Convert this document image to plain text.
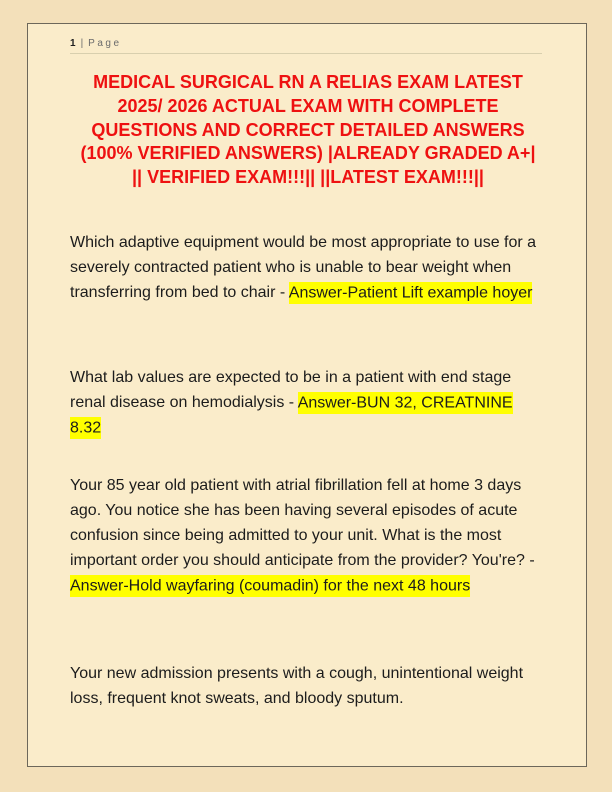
1 | Page
MEDICAL SURGICAL RN A RELIAS EXAM LATEST
2025/ 2026 ACTUAL EXAM WITH COMPLETE
QUESTIONS AND CORRECT DETAILED ANSWERS
(100% VERIFIED ANSWERS) |ALREADY GRADED A+|
|| VERIFIED EXAM!!!|| ||LATEST EXAM!!!||
Which adaptive equipment would be most appropriate to use for a severely contracted patient who is unable to bear weight when transferring from bed to chair - Answer-Patient Lift example hoyer
What lab values are expected to be in a patient with end stage renal disease on hemodialysis - Answer-BUN 32, CREATNINE 8.32
Your 85 year old patient with atrial fibrillation fell at home 3 days ago. You notice she has been having several episodes of acute confusion since being admitted to your unit. What is the most important order you should anticipate from the provider? You're? - Answer-Hold wayfaring (coumadin) for the next 48 hours
Your new admission presents with a cough, unintentional weight loss, frequent knot sweats, and bloody sputum.
